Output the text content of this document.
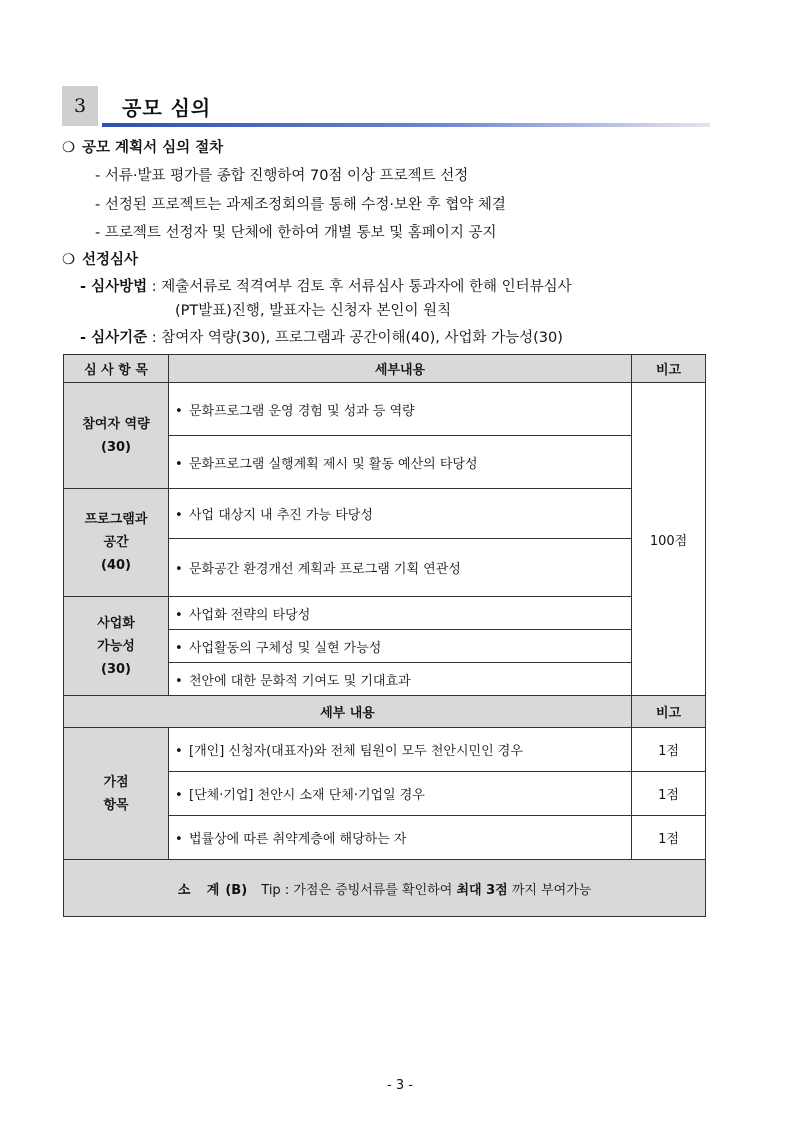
3	공모 심의
❍ 공모 계획서 심의 절차
- 서류·발표 평가를 종합 진행하여 70점 이상 프로젝트 선정
- 선정된 프로젝트는 과제조정회의를 통해 수정·보완 후 협약 체결
- 프로젝트 선정자 및 단체에 한하여 개별 통보 및 홈페이지 공지
❍ 선정심사
- 심사방법 : 제출서류로 적격여부 검토 후 서류심사 통과자에 한해 인터뷰심사
(PT발표)진행, 발표자는 신청자 본인이 원칙
- 심사기준 : 참여자 역량(30), 프로그램과 공간이해(40), 사업화 가능성(30)
심 사 항 목	세부내용	비고

참여자 역량
(30)	• 문화프로그램 운영 경험 및 성과 등 역량	100점
	• 문화프로그램 실행계획 제시 및 활동 예산의 타당성	

프로그램과
공간
(40)	• 사업 대상지 내 추진 가능 타당성	
	• 문화공간 환경개선 계획과 프로그램 기획 연관성	

사업화
가능성
(30)	• 사업화 전략의 타당성	
	• 사업활동의 구체성 및 실현 가능성	
	• 천안에 대한 문화적 기여도 및 기대효과	
세부 내용		비고

가점
항목	• [개인] 신청자(대표자)와 전체 팀원이 모두 천안시민인 경우	1점
	• [단체·기업] 천안시 소재 단체·기업일 경우	1점
	• 법률상에 따른 취약계층에 해당하는 자	1점
소 계(B) Tip : 가점은 증빙서류를 확인하여 최대 3점 까지 부여가능		
- 3 -
